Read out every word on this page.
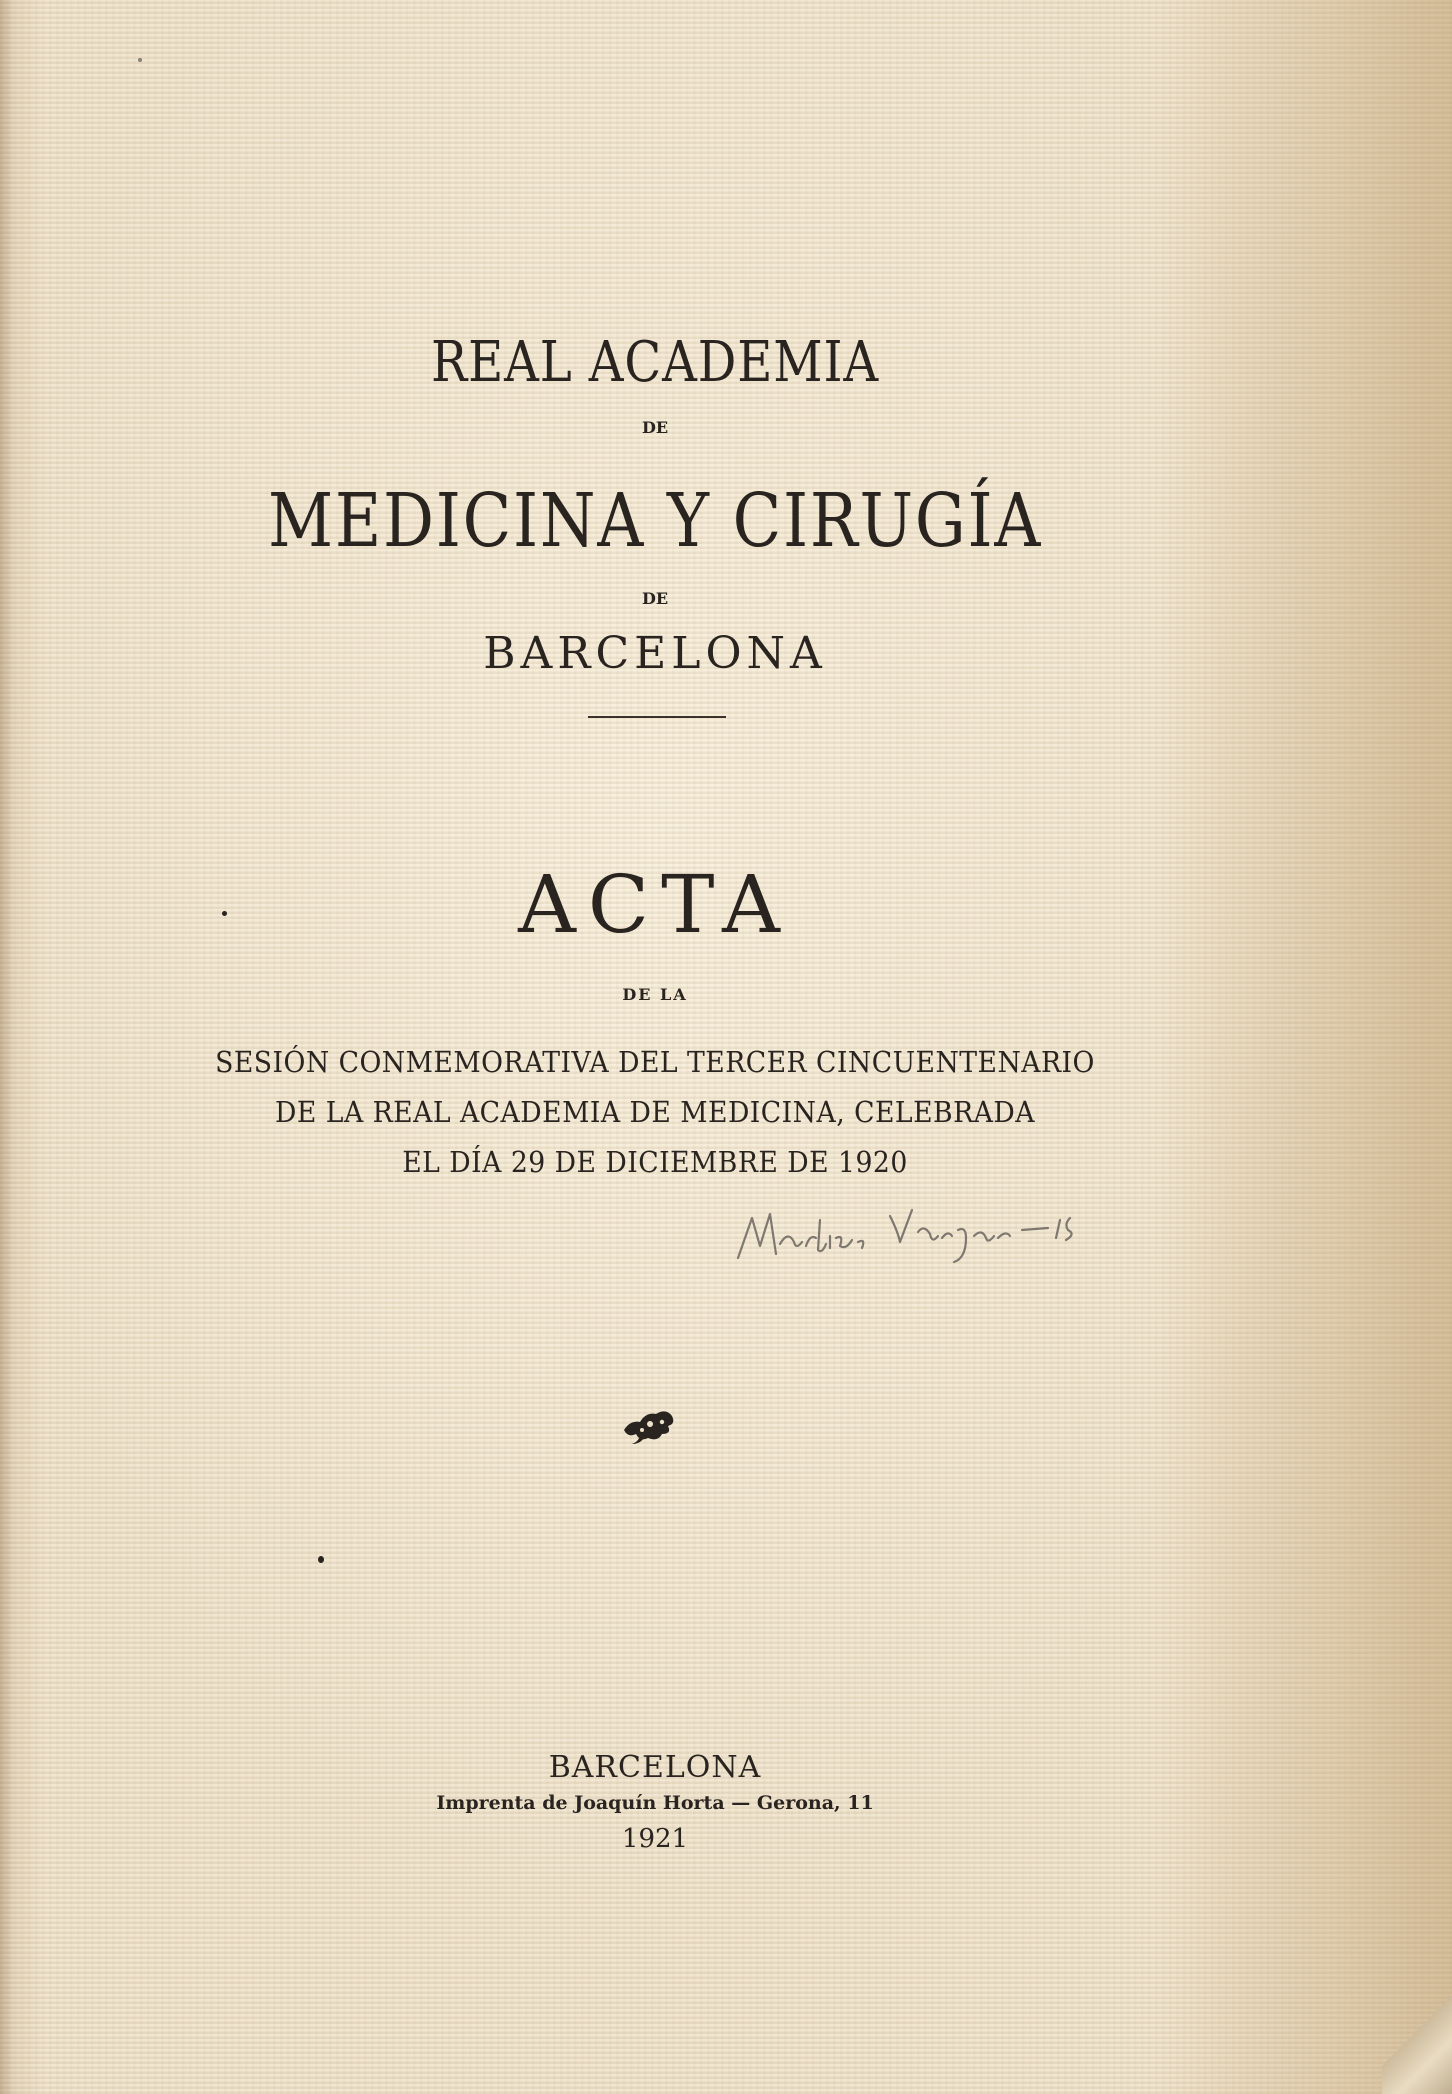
REAL ACADEMIA
DE
MEDICINA Y CIRUGÍA
DE
BARCELONA
ACTA
DE LA
SESIÓN CONMEMORATIVA DEL TERCER CINCUENTENARIO
DE LA REAL ACADEMIA DE MEDICINA, CELEBRADA
EL DÍA 29 DE DICIEMBRE DE 1920
BARCELONA
Imprenta de Joaquín Horta — Gerona, 11
1921
